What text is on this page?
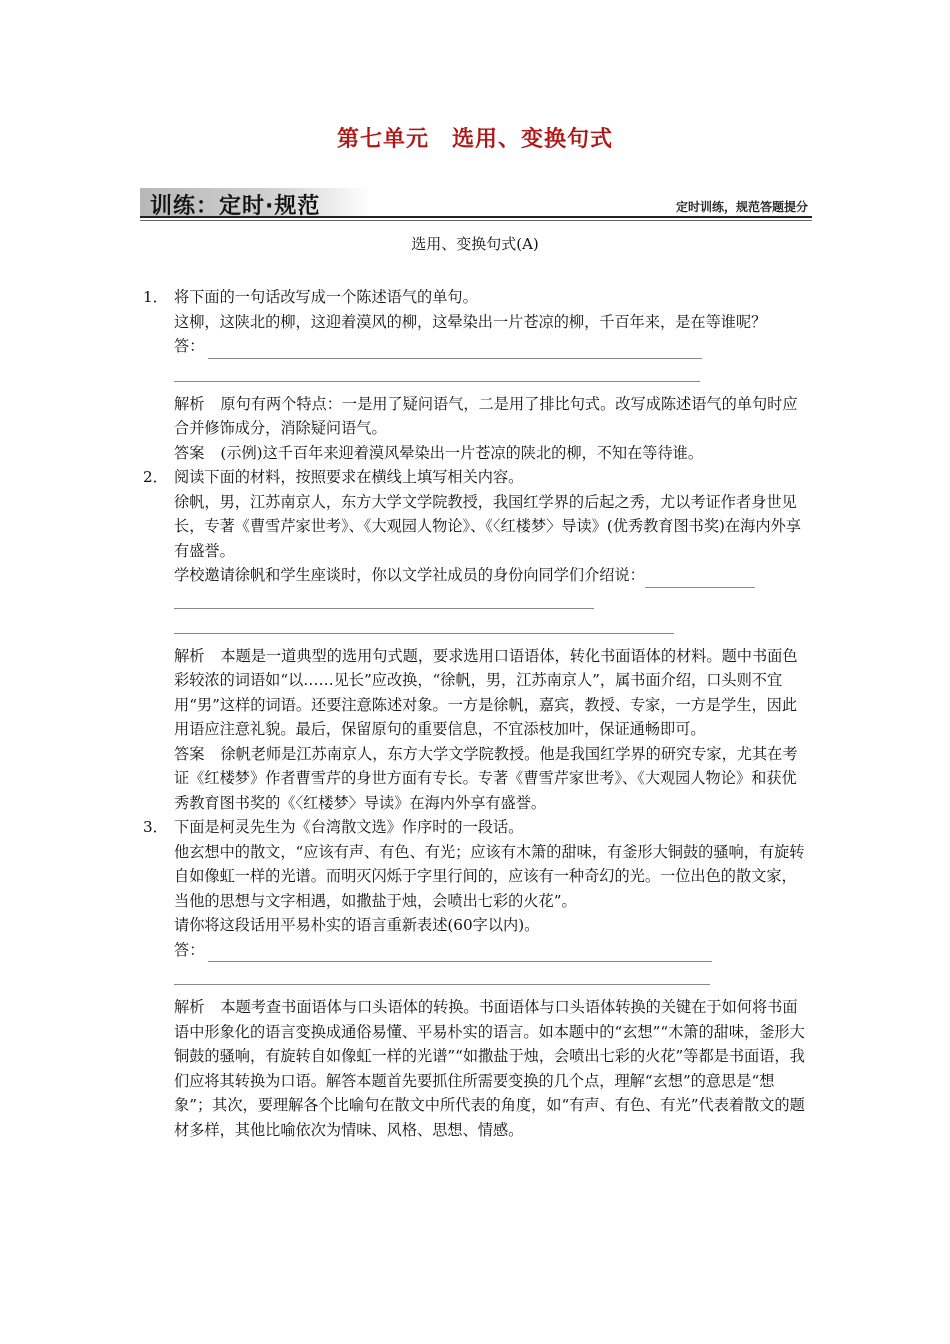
第七单元　选用、变换句式
训练：定时·规范	定时训练，规范答题提分
选用、变换句式(A)
1． 将下面的一句话改写成一个陈述语气的单句。
这柳，这陕北的柳，这迎着漠风的柳，这晕染出一片苍凉的柳，千百年来，是在等谁呢？
答：
解析 原句有两个特点：一是用了疑问语气，二是用了排比句式。改写成陈述语气的单句时应合并修饰成分，消除疑问语气。
答案 (示例)这千百年来迎着漠风晕染出一片苍凉的陕北的柳，不知在等待谁。
2． 阅读下面的材料，按照要求在横线上填写相关内容。
徐帆，男，江苏南京人，东方大学文学院教授，我国红学界的后起之秀，尤以考证作者身世见长，专著《曹雪芹家世考》、《大观园人物论》、《〈红楼梦〉导读》(优秀教育图书奖)在海内外享有盛誉。
学校邀请徐帆和学生座谈时，你以文学社成员的身份向同学们介绍说：
解析 本题是一道典型的选用句式题，要求选用口语语体，转化书面语体的材料。题中书面色彩较浓的词语如“以……见长”应改换，“徐帆，男，江苏南京人”，属书面介绍，口头则不宜用“男”这样的词语。还要注意陈述对象。一方是徐帆，嘉宾，教授、专家，一方是学生，因此用语应注意礼貌。最后，保留原句的重要信息，不宜添枝加叶，保证通畅即可。
答案 徐帆老师是江苏南京人，东方大学文学院教授。他是我国红学界的研究专家，尤其在考证《红楼梦》作者曹雪芹的身世方面有专长。专著《曹雪芹家世考》、《大观园人物论》和获优秀教育图书奖的《〈红楼梦〉导读》在海内外享有盛誉。
3． 下面是柯灵先生为《台湾散文选》作序时的一段话。
他玄想中的散文，“应该有声、有色、有光；应该有木箫的甜味，有釜形大铜鼓的骚响，有旋转自如像虹一样的光谱。而明灭闪烁于字里行间的，应该有一种奇幻的光。一位出色的散文家，当他的思想与文字相遇，如撒盐于烛，会喷出七彩的火花”。
请你将这段话用平易朴实的语言重新表述(60字以内)。
答：
解析 本题考查书面语体与口头语体的转换。书面语体与口头语体转换的关键在于如何将书面语中形象化的语言变换成通俗易懂、平易朴实的语言。如本题中的“玄想”“木箫的甜味，釜形大铜鼓的骚响，有旋转自如像虹一样的光谱”“如撒盐于烛，会喷出七彩的火花”等都是书面语，我们应将其转换为口语。解答本题首先要抓住所需要变换的几个点，理解“玄想”的意思是“想象”；其次，要理解各个比喻句在散文中所代表的角度，如“有声、有色、有光”代表着散文的题材多样，其他比喻依次为情味、风格、思想、情感。
